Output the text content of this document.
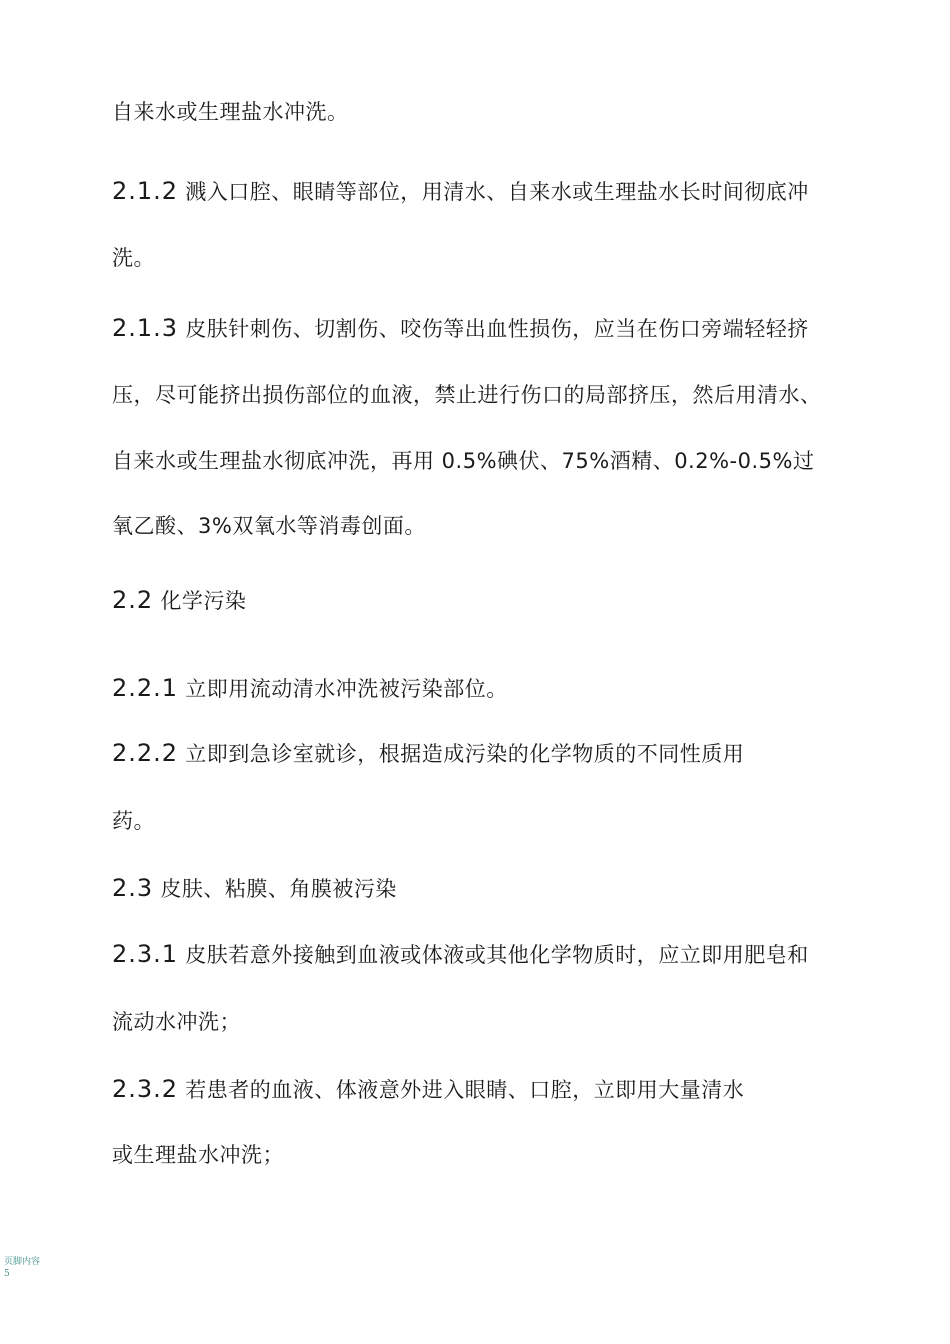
自来水或生理盐水冲洗。
2.1.2 溅入口腔、眼睛等部位，用清水、自来水或生理盐水长时间彻底冲
洗。
2.1.3 皮肤针刺伤、切割伤、咬伤等出血性损伤，应当在伤口旁端轻轻挤
压，尽可能挤出损伤部位的血液，禁止进行伤口的局部挤压，然后用清水、
自来水或生理盐水彻底冲洗，再用 0.5%碘伏、75%酒精、0.2%-0.5%过
氧乙酸、3%双氧水等消毒创面。
2.2 化学污染
2.2.1 立即用流动清水冲洗被污染部位。
2.2.2 立即到急诊室就诊，根据造成污染的化学物质的不同性质用
药。
2.3 皮肤、粘膜、角膜被污染
2.3.1 皮肤若意外接触到血液或体液或其他化学物质时，应立即用肥皂和
流动水冲洗；
2.3.2 若患者的血液、体液意外进入眼睛、口腔，立即用大量清水
或生理盐水冲洗；
页脚内容5
